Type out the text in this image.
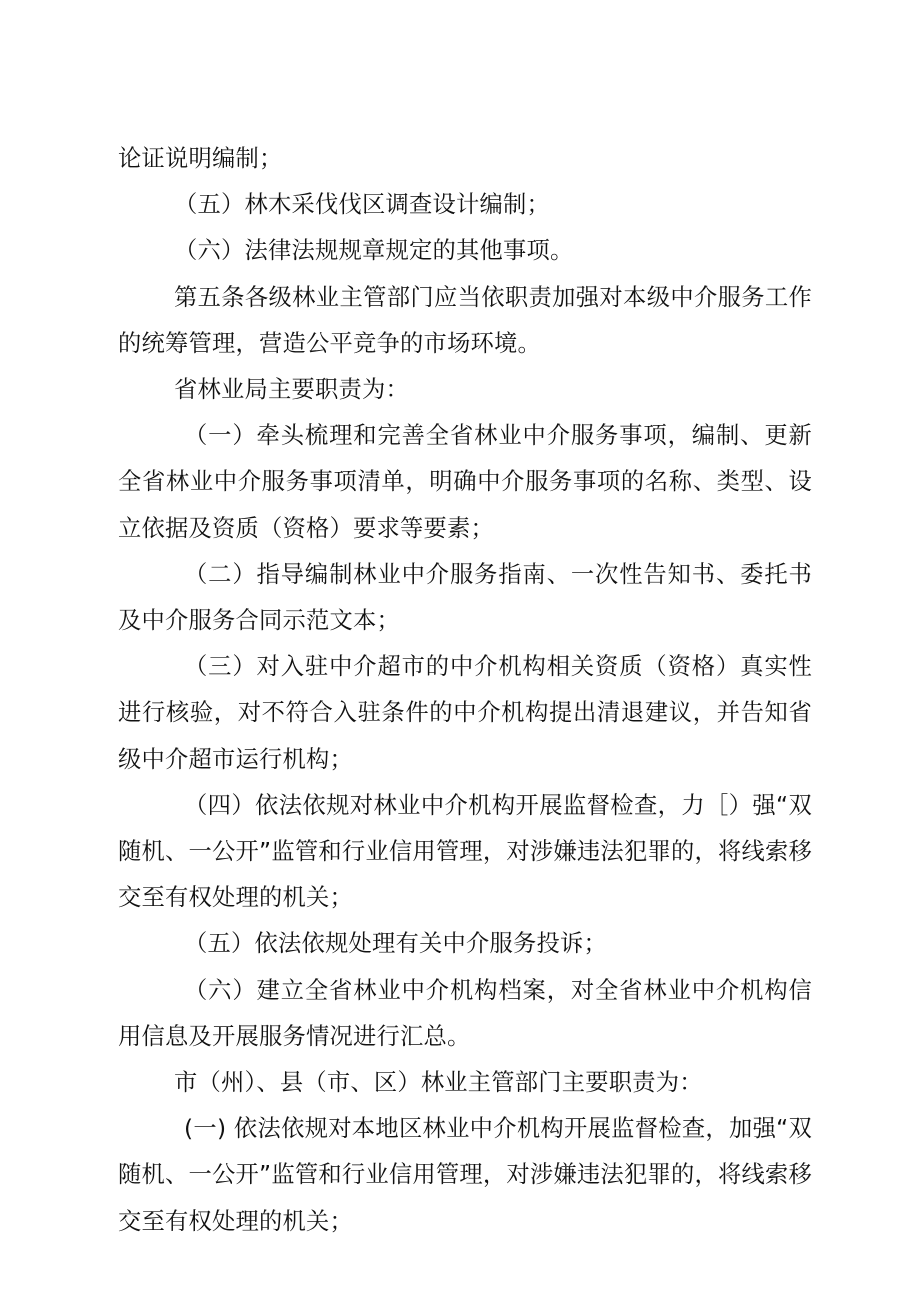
论证说明编制；

（五）林木采伐伐区调查设计编制；

（六）法律法规规章规定的其他事项。

第五条各级林业主管部门应当依职责加强对本级中介服务工作的统筹管理，营造公平竞争的市场环境。

省林业局主要职责为：

（一）牵头梳理和完善全省林业中介服务事项，编制、更新全省林业中介服务事项清单，明确中介服务事项的名称、类型、设立依据及资质（资格）要求等要素；

（二）指导编制林业中介服务指南、一次性告知书、委托书及中介服务合同示范文本；

（三）对入驻中介超市的中介机构相关资质（资格）真实性进行核验，对不符合入驻条件的中介机构提出清退建议，并告知省级中介超市运行机构；

（四）依法依规对林业中介机构开展监督检查，力［）强“双随机、一公开”监管和行业信用管理，对涉嫌违法犯罪的，将线索移交至有权处理的机关；

（五）依法依规处理有关中介服务投诉；

（六）建立全省林业中介机构档案，对全省林业中介机构信用信息及开展服务情况进行汇总。

市（州）、县（市、区）林业主管部门主要职责为：

(一) 依法依规对本地区林业中介机构开展监督检查，加强“双随机、一公开”监管和行业信用管理，对涉嫌违法犯罪的，将线索移交至有权处理的机关；
